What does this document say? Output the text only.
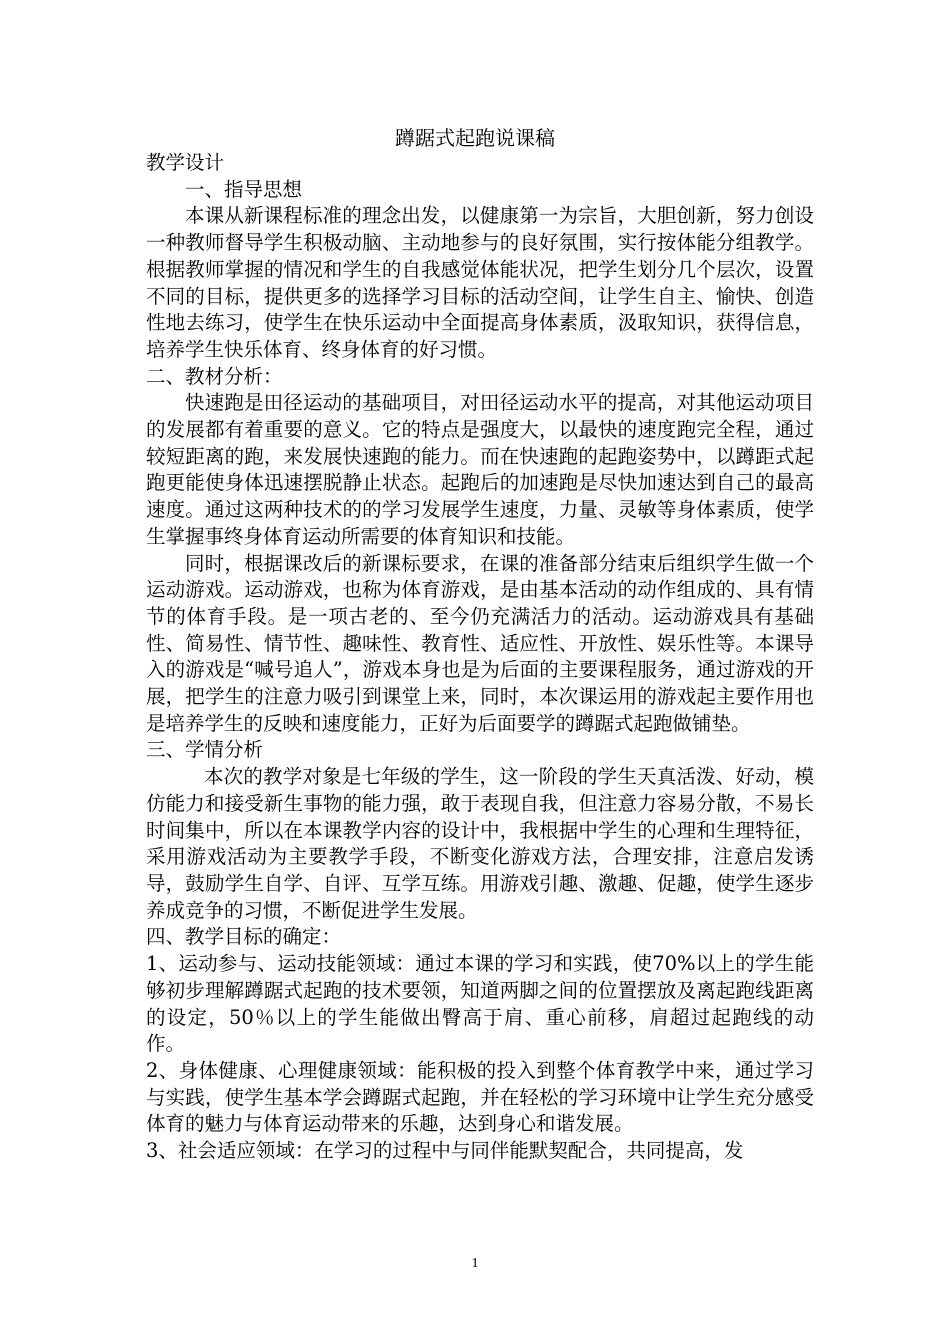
蹲踞式起跑说课稿

教学设计

一、指导思想

本课从新课程标准的理念出发，以健康第一为宗旨，大胆创新，努力创设一种教师督导学生积极动脑、主动地参与的良好氛围，实行按体能分组教学。根据教师掌握的情况和学生的自我感觉体能状况，把学生划分几个层次，设置不同的目标，提供更多的选择学习目标的活动空间，让学生自主、愉快、创造性地去练习，使学生在快乐运动中全面提高身体素质，汲取知识，获得信息，培养学生快乐体育、终身体育的好习惯。

二、教材分析：

快速跑是田径运动的基础项目，对田径运动水平的提高，对其他运动项目的发展都有着重要的意义。它的特点是强度大，以最快的速度跑完全程，通过较短距离的跑，来发展快速跑的能力。而在快速跑的起跑姿势中，以蹲距式起跑更能使身体迅速摆脱静止状态。起跑后的加速跑是尽快加速达到自己的最高速度。通过这两种技术的的学习发展学生速度，力量、灵敏等身体素质，使学生掌握事终身体育运动所需要的体育知识和技能。

同时，根据课改后的新课标要求，在课的准备部分结束后组织学生做一个运动游戏。运动游戏，也称为体育游戏，是由基本活动的动作组成的、具有情节的体育手段。是一项古老的、至今仍充满活力的活动。运动游戏具有基础性、简易性、情节性、趣味性、教育性、适应性、开放性、娱乐性等。本课导入的游戏是“喊号追人”，游戏本身也是为后面的主要课程服务，通过游戏的开展，把学生的注意力吸引到课堂上来，同时，本次课运用的游戏起主要作用也是培养学生的反映和速度能力，正好为后面要学的蹲踞式起跑做铺垫。

三、学情分析

本次的教学对象是七年级的学生，这一阶段的学生天真活泼、好动，模仿能力和接受新生事物的能力强，敢于表现自我，但注意力容易分散，不易长时间集中，所以在本课教学内容的设计中，我根据中学生的心理和生理特征，采用游戏活动为主要教学手段，不断变化游戏方法，合理安排，注意启发诱导，鼓励学生自学、自评、互学互练。用游戏引趣、激趣、促趣，使学生逐步养成竞争的习惯，不断促进学生发展。

四、教学目标的确定：

1、运动参与、运动技能领域：通过本课的学习和实践，使70%以上的学生能够初步理解蹲踞式起跑的技术要领，知道两脚之间的位置摆放及离起跑线距离的设定，50％以上的学生能做出臀高于肩、重心前移，肩超过起跑线的动作。

2、身体健康、心理健康领域：能积极的投入到整个体育教学中来，通过学习与实践，使学生基本学会蹲踞式起跑，并在轻松的学习环境中让学生充分感受体育的魅力与体育运动带来的乐趣，达到身心和谐发展。

3、社会适应领域：在学习的过程中与同伴能默契配合，共同提高，发

1
